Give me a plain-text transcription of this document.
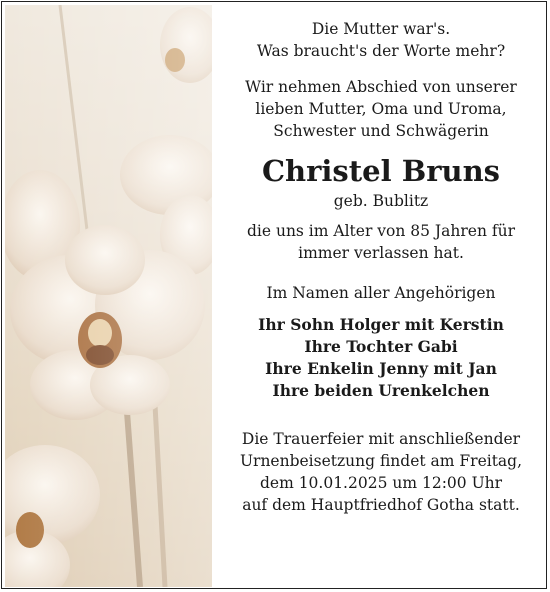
Die Mutter war's.
Was braucht's der Worte mehr?
Wir nehmen Abschied von unserer
lieben Mutter, Oma und Uroma,
Schwester und Schwägerin
Christel Bruns
geb. Bublitz
die uns im Alter von 85 Jahren für
immer verlassen hat.
Im Namen aller Angehörigen
Ihr Sohn Holger mit Kerstin
Ihre Tochter Gabi
Ihre Enkelin Jenny mit Jan
Ihre beiden Urenkelchen
Die Trauerfeier mit anschließender
Urnenbeisetzung findet am Freitag,
dem 10.01.2025 um 12:00 Uhr
auf dem Hauptfriedhof Gotha statt.
